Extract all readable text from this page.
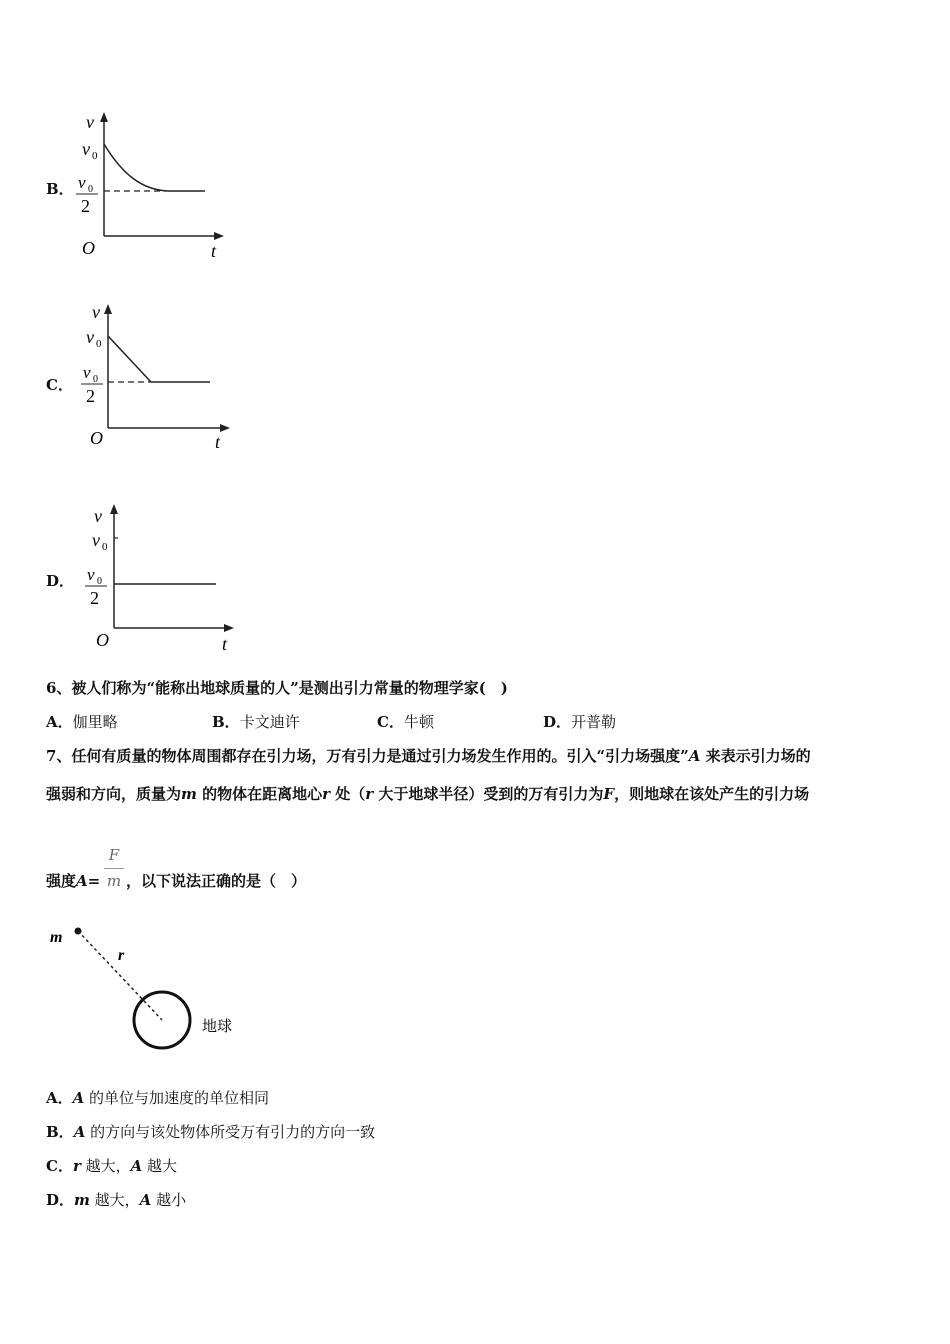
B．
v
v 0
v 0
2
O	t
C．
v
v 0
v 0
2
O	t
D．
v
v 0
v 0
2
O	t
6、被人们称为“能称出地球质量的人”是测出引力常量的物理学家(　)
A．伽里略	B．卡文迪许	C．牛顿	D．开普勒
7、任何有质量的物体周围都存在引力场，万有引力是通过引力场发生作用的。引入“引力场强度”A 来表示引力场的
强弱和方向，质量为m 的物体在距离地心r 处（r 大于地球半径）受到的万有引力为F，则地球在该处产生的引力场
F
m
强度A= ，以下说法正确的是（　）
m
r
地球
A．A 的单位与加速度的单位相同
B．A 的方向与该处物体所受万有引力的方向一致
C．r 越大，A 越大
D．m 越大，A 越小
